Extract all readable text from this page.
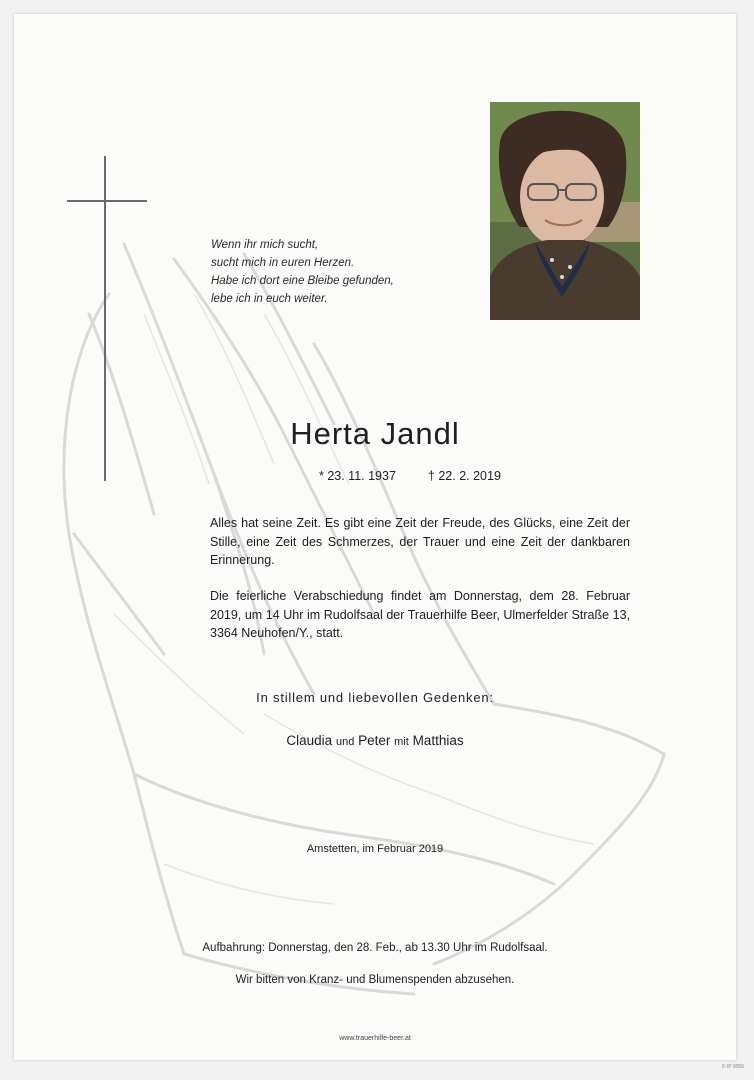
Wenn ihr mich sucht,
sucht mich in euren Herzen.
Habe ich dort eine Bleibe gefunden,
lebe ich in euch weiter.
Herta Jandl
* 23. 11. 1937	† 22. 2. 2019
Alles hat seine Zeit. Es gibt eine Zeit der Freude, des Glücks, eine Zeit der Stille, eine Zeit des Schmerzes, der Trauer und eine Zeit der dankbaren Erinnerung.
Die feierliche Verabschiedung findet am Donnerstag, dem 28. Februar 2019, um 14 Uhr im Rudolfsaal der Trauerhilfe Beer, Ulmerfelder Straße 13, 3364 Neuhofen/Y., statt.
In stillem und liebevollen Gedenken:
Claudia und Peter mit Matthias
Amstetten, im Februar 2019
Aufbahrung: Donnerstag, den 28. Feb., ab 13.30 Uhr im Rudolfsaal.
Wir bitten von Kranz- und Blumenspenden abzusehen.
www.trauerhilfe-beer.at
© IP 9056
